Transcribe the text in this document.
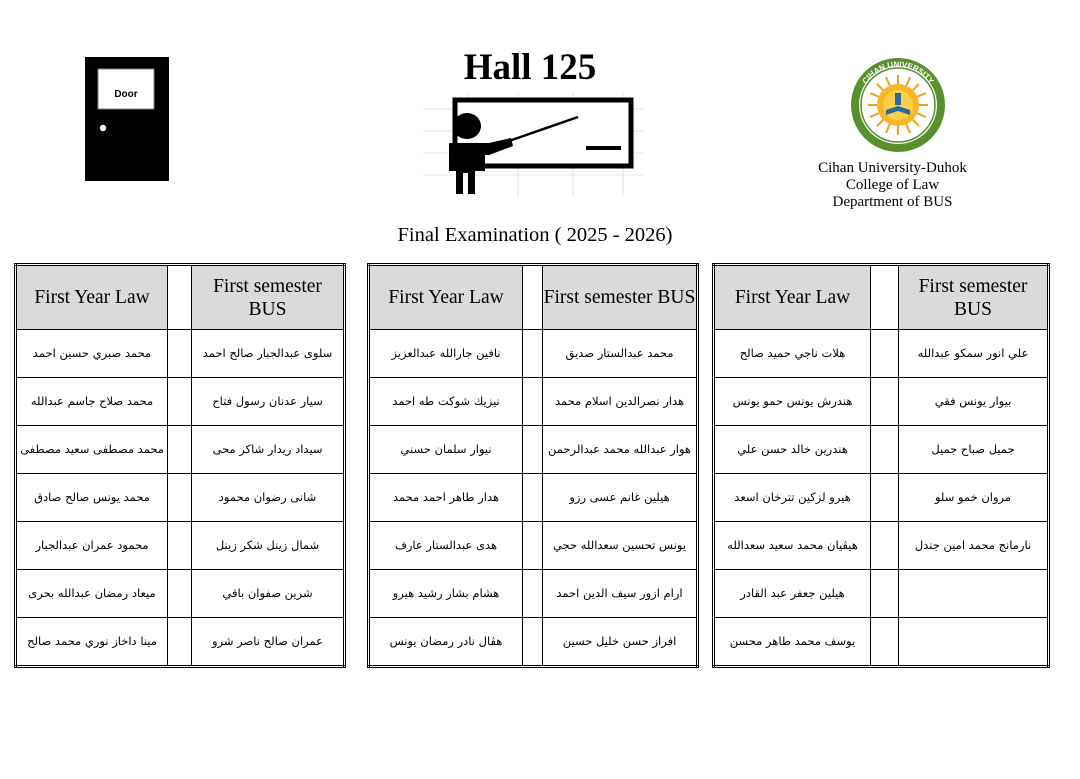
Door
Hall 125	CIHAN UNIVERSITY
Cihan University-Duhok
College of Law
Department of BUS
Final Examination ( 2025 - 2026)
First Year Law		First semester BUS

محمد صبري حسين احمد		سلوى عبدالجبار صالح احمد

محمد صلاح جاسم عبدالله		سيار عدنان رسول فتاح

محمد مصطفى سعيد مصطفى		سيداد ريدار شاكر محى

محمد يونس صالح صادق		شانى رضوان محمود

محمود عمران عبدالجبار		شمال زينل شكر زينل

ميعاد رمضان عبدالله بحرى		شرين صفوان باقي

مينا داخاز نوري محمد صالح		عمران صالح ناصر شرو
First Year Law		First semester BUS

نافين جارالله عبدالعزيز		محمد عبدالستار صديق

نيزيك شوكت طه احمد		هدار نصرالدين اسلام محمد

نيوار سلمان حسني		هوار عبدالله محمد عبدالرحمن

هدار طاهر احمد محمد		هيلين غانم عسى رزو

هدى عبدالستار عارف		يونس تحسين سعدالله حجي

هشام بشار رشيد هيرو		ارام ازور سيف الدين احمد

هڤال نادر رمضان يونس		افراز حسن خليل حسين
First Year Law		First semester BUS

هلات ناجي حميد صالح		علي انور سمكو عبدالله

هندرش يونس حمو يونس		بيوار يونس فقي

هندرين خالد حسن علي		جميل صباح جميل

هيرو لزكين تترخان اسعد		مروان خمو سلو

هيڤيان محمد سعيد سعدالله		نارمانج محمد امين جندل

هيلين جعفر عبد القادر		

يوسف محمد طاهر محسن		
